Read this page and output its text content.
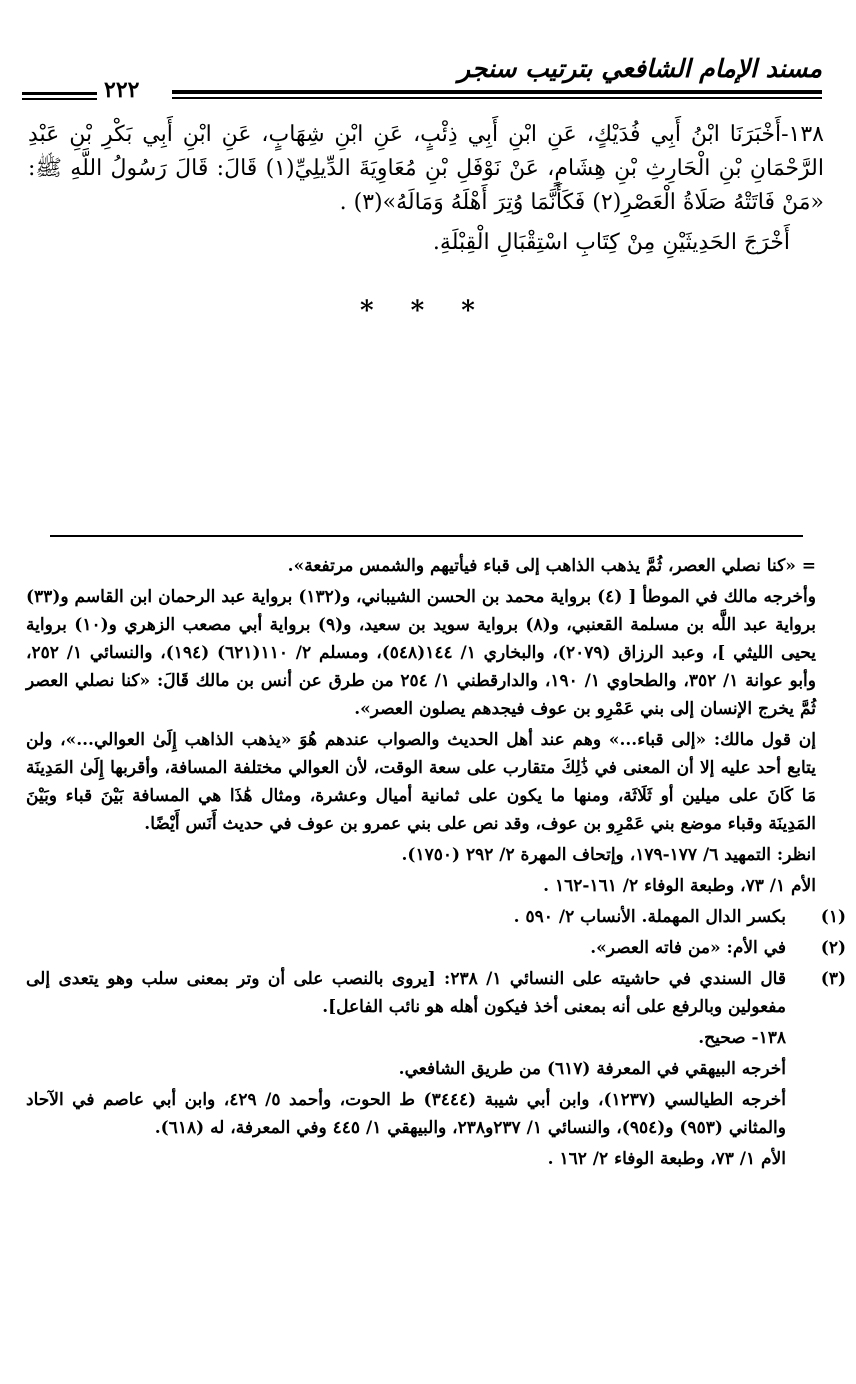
مسند الإمام الشافعي بترتيب سنجر
٢٢٢

١٣٨-أَخْبَرَنَا ابْنُ أَبِي فُدَيْكٍ، عَنِ ابْنِ أَبِي ذِئْبٍ، عَنِ ابْنِ شِهَابٍ، عَنِ ابْنِ أَبِي بَكْرِ بْنِ عَبْدِ الرَّحْمَانِ بْنِ الْحَارِثِ بْنِ هِشَامٍ، عَنْ نَوْفَلِ بْنِ مُعَاوِيَةَ الدِّيلِيِّ(١) قَالَ: قَالَ رَسُولُ اللَّهِ ﷺ: «مَنْ فَاتَتْهُ صَلَاةُ الْعَصْرِ(٢) فَكَأَنَّمَا وُتِرَ أَهْلَهُ وَمَالَهُ»(٣) .

أَخْرَجَ الحَدِيثَيْنِ مِنْ كِتَابِ اسْتِقْبَالِ الْقِبْلَةِ.

* * *

= «كنا نصلي العصر، ثُمَّ يذهب الذاهب إلى قباء فيأتيهم والشمس مرتفعة».

وأخرجه مالك في الموطأ [ (٤) برواية محمد بن الحسن الشيباني، و(١٣٢) برواية عبد الرحمان ابن القاسم و(٣٣) برواية عبد اللَّه بن مسلمة القعنبي، و(٨) برواية سويد بن سعيد، و(٩) برواية أبي مصعب الزهري و(١٠) برواية يحيى الليثي ]، وعبد الرزاق (٢٠٧٩)، والبخاري ١/ ١٤٤(٥٤٨)، ومسلم ٢/ ١١٠(٦٢١) (١٩٤)، والنسائي ١/ ٢٥٢، وأبو عوانة ١/ ٣٥٢، والطحاوي ١/ ١٩٠، والدارقطني ١/ ٢٥٤ من طرق عن أنس بن مالك قَالَ: «كنا نصلي العصر ثُمَّ يخرج الإنسان إلى بني عَمْرِو بن عوف فيجدهم يصلون العصر».

إن قول مالك: «إلى قباء...» وهم عند أهل الحديث والصواب عندهم هُوَ «يذهب الذاهب إِلَىٰ العوالي...»، ولن يتابع أحد عليه إلا أن المعنى في ذَٰلِكَ متقارب على سعة الوقت، لأن العوالي مختلفة المسافة، وأقربها إِلَىٰ المَدِينَة مَا كَانَ على ميلين أو ثَلَاثَة، ومنها ما يكون على ثمانية أميال وعشرة، ومثال هَٰذَا هي المسافة بَيْنَ قباء وبَيْنَ المَدِينَة وقباء موضع بني عَمْرِو بن عوف، وقد نص على بني عمرو بن عوف في حديث أَنَس أَيْضًا.

انظر: التمهيد ٦/ ١٧٧-١٧٩، وإتحاف المهرة ٢/ ٢٩٢ (١٧٥٠).

الأم ١/ ٧٣، وطبعة الوفاء ٢/ ١٦١-١٦٢ .

(١)بكسر الدال المهملة. الأنساب ٢/ ٥٩٠ .

(٢)في الأم: «من فاته العصر».

(٣)قال السندي في حاشيته على النسائي ١/ ٢٣٨: [يروى بالنصب على أن وتر بمعنى سلب وهو يتعدى إلى مفعولين وبالرفع على أنه بمعنى أخذ فيكون أهله هو نائب الفاعل].

١٣٨- صحيح.

أخرجه البيهقي في المعرفة (٦١٧) من طريق الشافعي.

أخرجه الطيالسي (١٢٣٧)، وابن أبي شيبة (٣٤٤٤) ط الحوت، وأحمد ٥/ ٤٢٩، وابن أبي عاصم في الآحاد والمثاني (٩٥٣) و(٩٥٤)، والنسائي ١/ ٢٣٧و٢٣٨، والبيهقي ١/ ٤٤٥ وفي المعرفة، له (٦١٨).

الأم ١/ ٧٣، وطبعة الوفاء ٢/ ١٦٢ .
